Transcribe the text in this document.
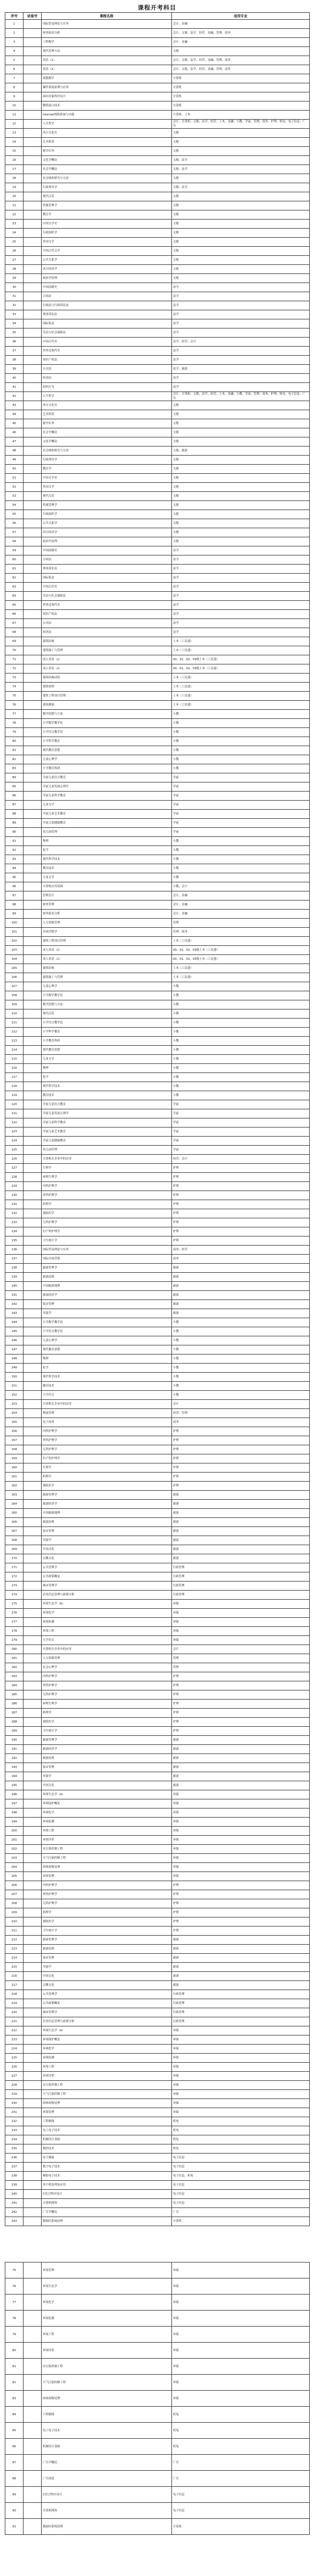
课程开考科目
序号	试卷号	课程名称	适用专业
1		国际贸易理论与实务	会计、金融
2		财务报表分析	会计、文秘、法学、经营、金融、管理、商务
3		工程数学	会计、金融
4		现代管理方法	文秘
5		英语（1）	会计、文秘、法学、经营、金融、管理、商务
6		英语（2）	会计、文秘、法学、经营、金融、管理、商务
7		离散数学	计算机
8		操作系统原理与应用	计算机
9		面向对象程序设计	计算机
10		微机接口技术	计算机
11		Internet网络系统与实践	计算机、土木
12		人生哲学	会计、计算机、文秘、法学、经营、土木、金融、小教、学前、管理、商务、护理、机电、电子信息、广告
13		西方文化史	文秘
14		艺术欣赏	文秘
15		秘书实务	文秘
16		文化学概论	文秘、法学
17		社会学概论	文秘、法学
18		社会调查研究与方法	文秘
19		行政领导学	文秘、法学
20		现代汉语	文秘
21		档案管理学	文秘
22		教育学	文秘
23		中国文学史	文秘
24		行政组织学	文秘
25		外国文学	文秘
26		中国古代文学	文秘
27		公共关系学	文秘
28		西方经济学	文秘
29		政治学原理	文秘
30		中国法制史	法学
31		合同法	法学
32		行政法与行政诉讼法	法学
33		刑事诉讼法	法学
34		国际私法	法学
35		劳动与社会保障法	法学
36		中国古代史	法学、经营、会计
37		世界近现代史	法学
38		知识产权法	法学
39		公司法	法学、旅游
40		经济法	法学
41		组织行为	法学
42		人生哲学	会计、计算机、文秘、法学、经营、土木、金融、小教、学前、管理、商务、护理、机电、电子信息、广告
43		西方文化史	文秘
44		艺术欣赏	文秘
45		秘书实务	文秘
46		社会学概论	文秘
47		文化学概论	文秘
48		社会调查研究与方法	文秘、旅游
49		行政领导学	文秘
50		教育学	文秘
51		中国文学史	文秘
52		外国文学	文秘
53		现代汉语	文秘
54		档案管理学	文秘
55		行政组织学	文秘
56		公共关系学	文秘
57		西方经济学	文秘
58		政治学原理	文秘
59		中国法制史	法学
60		合同法	法学
61		刑事诉讼法	法学
62		国际私法	法学
63		中国古代史	法学
64		劳动与社会保障法	法学
65		世界近现代史	法学
66		知识产权法	法学
67		公司法	法学
68		经济法	法学
69		建筑结构	土木（工民建）
70		建筑施工与管理	土木（工民建）
71		成人英语（1）	00、01、02、03级土木（工民建）
72		成人英语（2）	00、01、02、03级土木（工民建）
73		建筑结构试验	土木（工民建）
74		建筑材料	土木（工民建）
75		建筑工程项目管理	土木（工民建）
76		建筑测量	土木（工民建）
77		数学思想与方法	小教
78		小学数学教学论	小教
79		小学语文教学论	小教
80		小学科学教育	小教
81		现代教育思想	小教
82		儿童心理学	小教
83		小学教育科研	小教
84		学前儿童语言教育	学前
85		学前儿童发展心理学	学前
86		学前儿童科学教育	学前
87		儿童文学	学前
88		学前儿童艺术教育	学前
89		学前儿童健康教育	学前
90		幼儿园管理	学前
91		物理	小教
92		化学	小教
93		现代科学技术	小教
94		教育技术	小教
95		儿童文学	小教
96		计算机应用基础	小教、会计
97		管理会计	会计、金融
98		财务管理	会计、金融
99		财务报表分析	会计、金融
100		人力资源管理	管理
101		市场营销学	管理、商务
102		建筑工程项目管理	土木（工民建）
103		成人英语（1）	00、01、02、03级土木（工民建）
104		成人英语（2）	00、01、02、03级土木（工民建）
105		建筑结构	土木（工民建）
106		建筑施工与管理	土木（工民建）
107		儿童心理学	小教
108		小学数学教学论	小教
109		数学思想与方法	小教
110		现代汉语	小教
111		小学语文教学论	小教
112		小学科学教育	小教
113		小学教育科研	小教
114		现代教育思想	小教
115		儿童文学	小教
116		物理	小教
117		化学	小教
118		现代科学技术	小教
119		教育技术	小教
120		学前儿童语言教育	学前
121		学前儿童发展心理学	学前
122		学前儿童科学教育	学前
123		学前儿童艺术教育	学前
124		学前儿童健康教育	学前
125		幼儿园管理	学前
126		计算机在企业中的应用	经营、会计
127		生理学	护理
128		病理生理学	护理
129		内科护理学	护理
130		外科护理学	护理
131		药理学	护理
132		预防医学	护理
133		儿科护理学	护理
134		妇产科护理学	护理
135		卫生统计学	护理
136		国际贸易理论与实务	商务、经营
137		国际市场营销	商务
138		旅游管理学	旅游
139		旅游法规	旅游
140		中国旅游地理	旅游
141		旅游经济学	旅游
142		饭店管理	旅游
143		导游学	旅游
144		小学数学教学论	小教
145		小学语文教学论	小教
146		儿童心理学	小教
147		现代教育思想	小教
148		物理	小教
149		化学	小教
150		现代科学技术	小教
151		教育技术	小教
152		大学语文	小教
153		计算机在企业中的应用	会计
154		物流管理	经营、管理
155		电子商务	商务
156		内科护理学	护理
157		外科护理学	护理
158		儿科护理学	护理
159		妇产科护理学	护理
160		生理学	护理
161		药理学	护理
162		预防医学	护理
163		旅游管理学	旅游
164		旅游经济学	旅游
165		中国旅游地理	旅游
166		旅游法规	旅游
167		饭店管理	旅游
168		导游学	旅游
169		中国文化	旅游
170		宗教文化	旅游
171		公共管理学	行政管理
172		公共政策概论	行政管理
173		城市管理学	行政管理
174		企业信息管理与政策分析	行政管理
175		环境生态学（A）	环保
176		环境化学	环保
177		环境监测	环保
178		环境工程	环保
179		大学语文	环保
180		计算机在企业中的应用	会计
181		人力资源管理	管理
182		社会心理学	管理
183		内科护理学	护理
184		外科护理学	护理
185		儿科护理学	护理
186		病理生理学	护理
187		药理学	护理
188		预防医学	护理
189		卫生统计学	护理
190		旅游管理学	旅游
191		旅游经济学	旅游
192		旅游法规	旅游
193		饭店管理	旅游
194		导游学	旅游
195		中国文化	旅游
196		环境生态学（A）	环保
197		环境保护概论	环保
198		环境化学	环保
199		环境监测	环保
200		环境工程	环保
201		环境评价	环保
202		水污染控制工程	环保
203		大气污染控制工程	环保
204		固体废物处理	环保
205		环境管理	环保
206		内科护理学	护理
207		外科护理学	护理
208		儿科护理学	护理
209		药理学	护理
210		预防医学	护理
211		卫生统计学	护理
212		旅游管理学	旅游
213		旅游法规	旅游
214		饭店管理	旅游
215		导游学	旅游
216		中国文化	旅游
217		宗教文化	旅游
218		公共管理学	行政管理
219		公共政策概论	行政管理
220		城市管理学	行政管理
221		企业信息管理与政策分析	行政管理
222		环境生态学（A）	环保
223		环境保护概论	环保
224		环境化学	环保
225		环境监测	环保
226		环境工程	环保
227		环境评价	环保
228		水污染控制工程	环保
229		大气污染控制工程	环保
230		固体废物处理	环保
231		环境管理	环保
232		工程制图	机电
233		电工电子技术	机电
234		机械设计基础	机电
235		数控技术	机电
236		电子测量	电子信息
237		数字电子技术	电子信息
238		模拟电子技术	电子信息、机电
239		单片机原理及应用	电子信息
240		C语言程序设计	电子信息
241		计算机网络	电子信息
242		广告学概论	广告
243		数据库系统原理	计算机
75		环境管理	环保
76		环境生态学	环保
77		环境化学	环保
78		环境监测	环保
79		环境工程	环保
80		环境评价	环保
81		水污染控制工程	环保
82		大气污染控制工程	环保
83		固体废物处理	环保
84		工程制图	机电
85		电工电子技术	机电
86		机械设计基础	机电
87		广告学概论	广告
88		广告创意	广告
89		C语言程序设计	电子信息
90		计算机网络	电子信息
91		数据库系统原理	计算机
